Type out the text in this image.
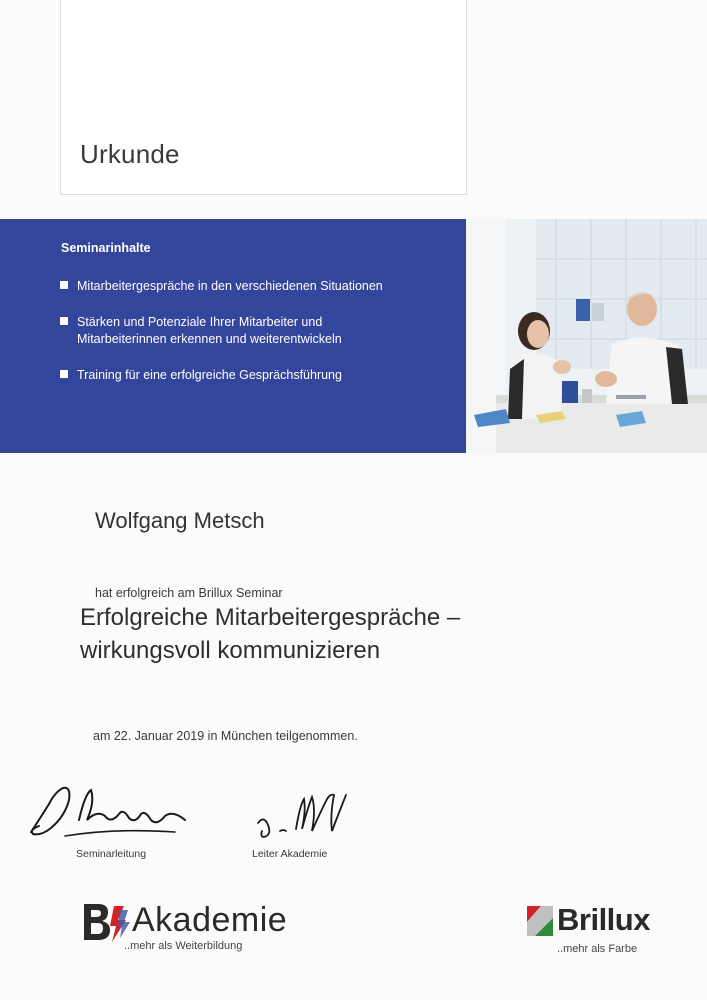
Urkunde
Seminarinhalte
Mitarbeitergespräche in den verschiedenen Situationen
Stärken und Potenziale Ihrer Mitarbeiter und
Mitarbeiterinnen erkennen und weiterentwickeln
Training für eine erfolgreiche Gesprächsführung
Wolfgang Metsch
hat erfolgreich am Brillux Seminar
Erfolgreiche Mitarbeitergespräche –
wirkungsvoll kommunizieren
am 22. Januar 2019 in München teilgenommen.
Seminarleitung	Leiter Akademie
Akademie
..mehr als Weiterbildung
Brillux
..mehr als Farbe
